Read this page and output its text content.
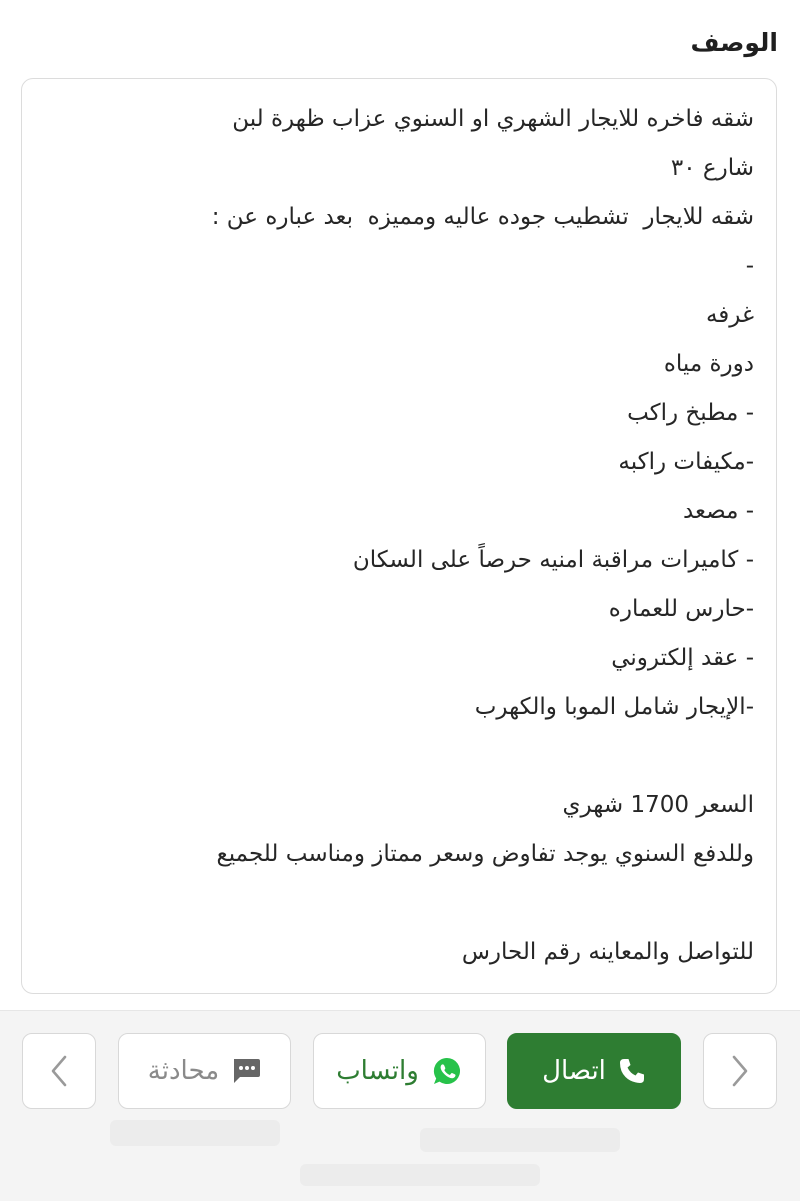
الوصف
شقه فاخره للايجار الشهري او السنوي عزاب ظهرة لبن
شارع ٣٠
شقه للايجار  تشطيب جوده عاليه ومميزه  بعد عباره عن :
-
غرفه
دورة مياه
- مطبخ راكب
-مكيفات راكبه
- مصعد
- كاميرات مراقبة امنيه حرصاً على السكان
-حارس للعماره
- عقد إلكتروني
-الإيجار شامل الموبا والكهرب
السعر 1700 شهري
وللدفع السنوي يوجد تفاوض وسعر ممتاز ومناسب للجميع
للتواصل والمعاينه رقم الحارس
محادثة	واتساب	اتصال
